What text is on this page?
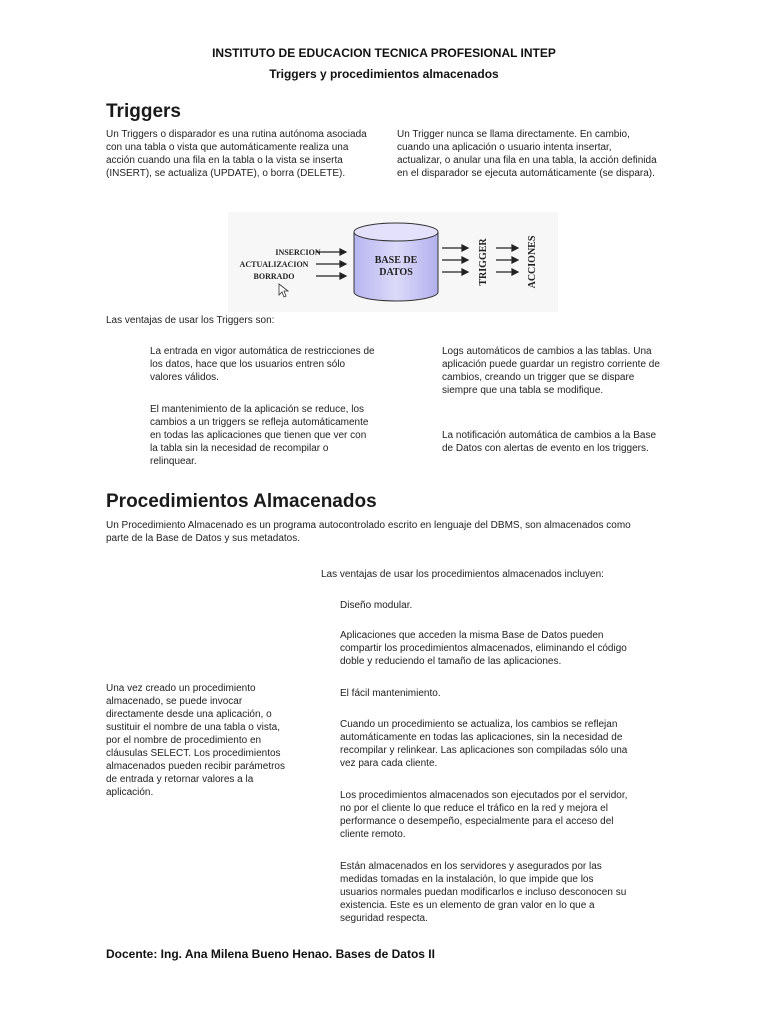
INSTITUTO DE EDUCACION TECNICA PROFESIONAL INTEP
Triggers y procedimientos almacenados
Triggers

Un Triggers o disparador es una rutina autónoma asociada con una tabla o vista que automáticamente realiza una acción cuando una fila en la tabla o la vista se inserta (INSERT), se actualiza (UPDATE), o borra (DELETE).

Un Trigger nunca se llama directamente. En cambio, cuando una aplicación o usuario intenta insertar, actualizar, o anular una fila en una tabla, la acción definida en el disparador se ejecuta automáticamente (se dispara).

INSERCION
ACTUALIZACION
BORRADO
BASE DE
DATOS	TRIGGER	ACCIONES

Las ventajas de usar los Triggers son:

La entrada en vigor automática de restricciones de los datos, hace que los usuarios entren sólo valores válidos.

El mantenimiento de la aplicación se reduce, los cambios a un triggers se refleja automáticamente en todas las aplicaciones que tienen que ver con la tabla sin la necesidad de recompilar o relinquear.

Logs automáticos de cambios a las tablas. Una aplicación puede guardar un registro corriente de cambios, creando un trigger que se dispare siempre que una tabla se modifique.

La notificación automática de cambios a la Base de Datos con alertas de evento en los triggers.

Procedimientos Almacenados

Un Procedimiento Almacenado es un programa autocontrolado escrito en lenguaje del DBMS, son almacenados como parte de la Base de Datos y sus metadatos.

Las ventajas de usar los procedimientos almacenados incluyen:

Una vez creado un procedimiento almacenado, se puede invocar directamente desde una aplicación, o sustituir el nombre de una tabla o vista, por el nombre de procedimiento en cláusulas SELECT. Los procedimientos almacenados pueden recibir parámetros de entrada y retornar valores a la aplicación.

Diseño modular.

Aplicaciones que acceden la misma Base de Datos pueden compartir los procedimientos almacenados, eliminando el código doble y reduciendo el tamaño de las aplicaciones.

El fácil mantenimiento.

Cuando un procedimiento se actualiza, los cambios se reflejan automáticamente en todas las aplicaciones, sin la necesidad de recompilar y relinkear. Las aplicaciones son compiladas sólo una vez para cada cliente.

Los procedimientos almacenados son ejecutados por el servidor, no por el cliente lo que reduce el tráfico en la red y mejora el performance o desempeño, especialmente para el acceso del cliente remoto.

Están almacenados en los servidores y asegurados por las medidas tomadas en la instalación, lo que impide que los usuarios normales puedan modificarlos e incluso desconocen su existencia. Este es un elemento de gran valor en lo que a seguridad respecta.

Docente: Ing. Ana Milena Bueno Henao. Bases de Datos II
